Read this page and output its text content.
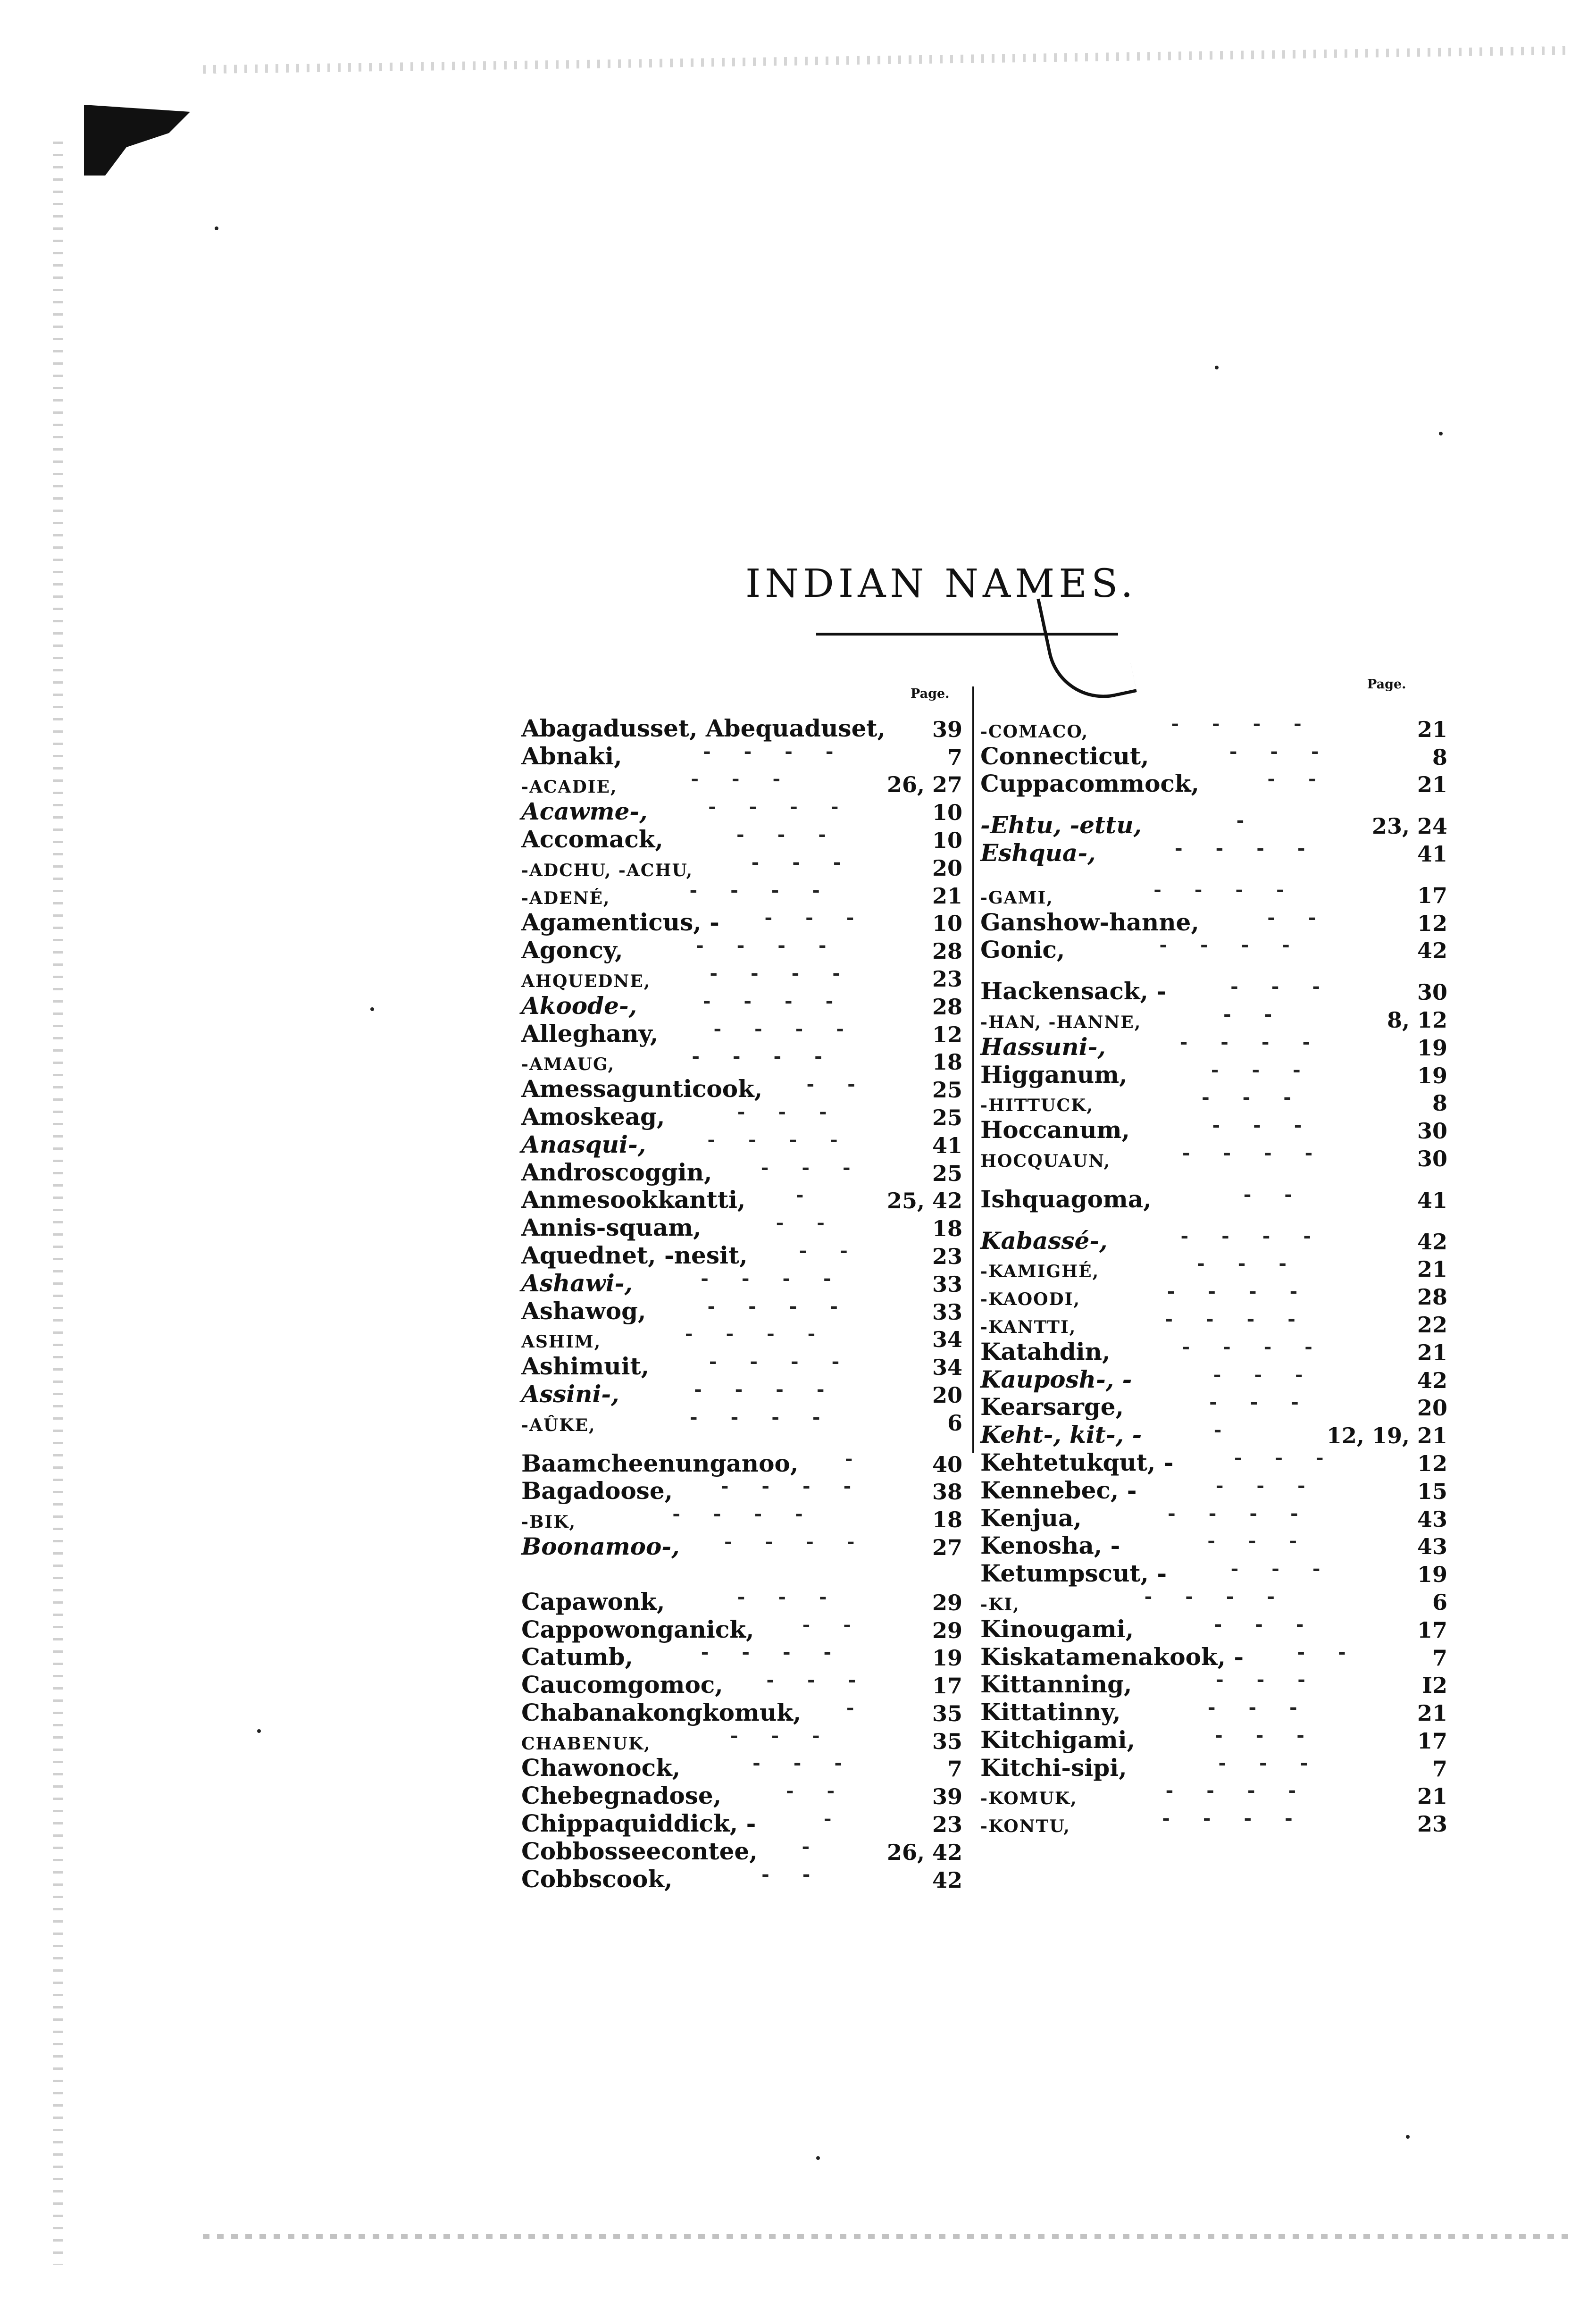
INDIAN NAMES.
Page.
Page.
Abagadusset, Abequaduset, 39
Abnaki,	----	7
-ACADIE,	---	26, 27
Acawme-,	----	10
Accomack,	---	10
-ADCHU, -ACHU,	---	20
-ADENÉ,	----	21
Agamenticus, - --- 10
Agoncy,	----	28
AHQUEDNE,	----	23
Akoode-,	----	28
Alleghany,	----	12
-AMAUG,	----	18
Amessagunticook, -- 25
Amoskeag,	---	25
Anasqui-,	----	41
Androscoggin,	--- 25
Anmesookkantti,	- 25, 42
Annis-squam,	--	18
Aquednet, -nesit,	-- 23
Ashawi-,	----	33
Ashawog,	----	33
ASHIM,	----	34
Ashimuit,	----	34
Assini-,	----	20
-AÛKE,	----	6
Baamcheenunganoo, - 40
Bagadoose,	---- 38
-BIK,	----	18
Boonamoo-, ---- 27
Capawonk,	---	29
Cappowonganick,	-- 29
Catumb,	----	19
Caucomgomoc, --- 17
Chabanakongkomuk, - 35
CHABENUK,	---	35
Chawonock,	---	7
Chebegnadose,	--	39
Chippaquiddick, -	-	23
Cobbosseecontee, - 26, 42
Cobbscook,	--	42
-COMACO,	----	21
Connecticut,	---	8
Cuppacommock,	--	21
-Ehtu, -ettu,	-	23, 24
Eshqua-,	----	41
-GAMI,	----	17
Ganshow-hanne,	--	12
Gonic,	----	42
Hackensack, -	---	30
-HAN, -HANNE,	--	8, 12
Hassuni-,	----	19
Higganum,	---	19
-HITTUCK,	---	8
Hoccanum,	---	30
HOCQUAUN,	----	30
Ishquagoma,	--	41
Kabassé-,	----	42
-KAMIGHÉ,	---	21
-KAOODI,	----	28
-KANTTI,	----	22
Katahdin,	----	21
Kauposh-, -	---	42
Kearsarge,	---	20
Keht-, kit-, -	-	12, 19, 21
Kehtetukqut, -	---	12
Kennebec, -	---	15
Kenjua,	----	43
Kenosha, -	---	43
Ketumpscut, -	---	19
-KI,	----	6
Kinougami,	---	17
Kiskatamenakook, -	-- 7
Kittanning,	---	I2
Kittatinny,	---	21
Kitchigami,	---	17
Kitchi-sipi,	---	7
-KOMUK,	----	21
-KONTU,	----	23
